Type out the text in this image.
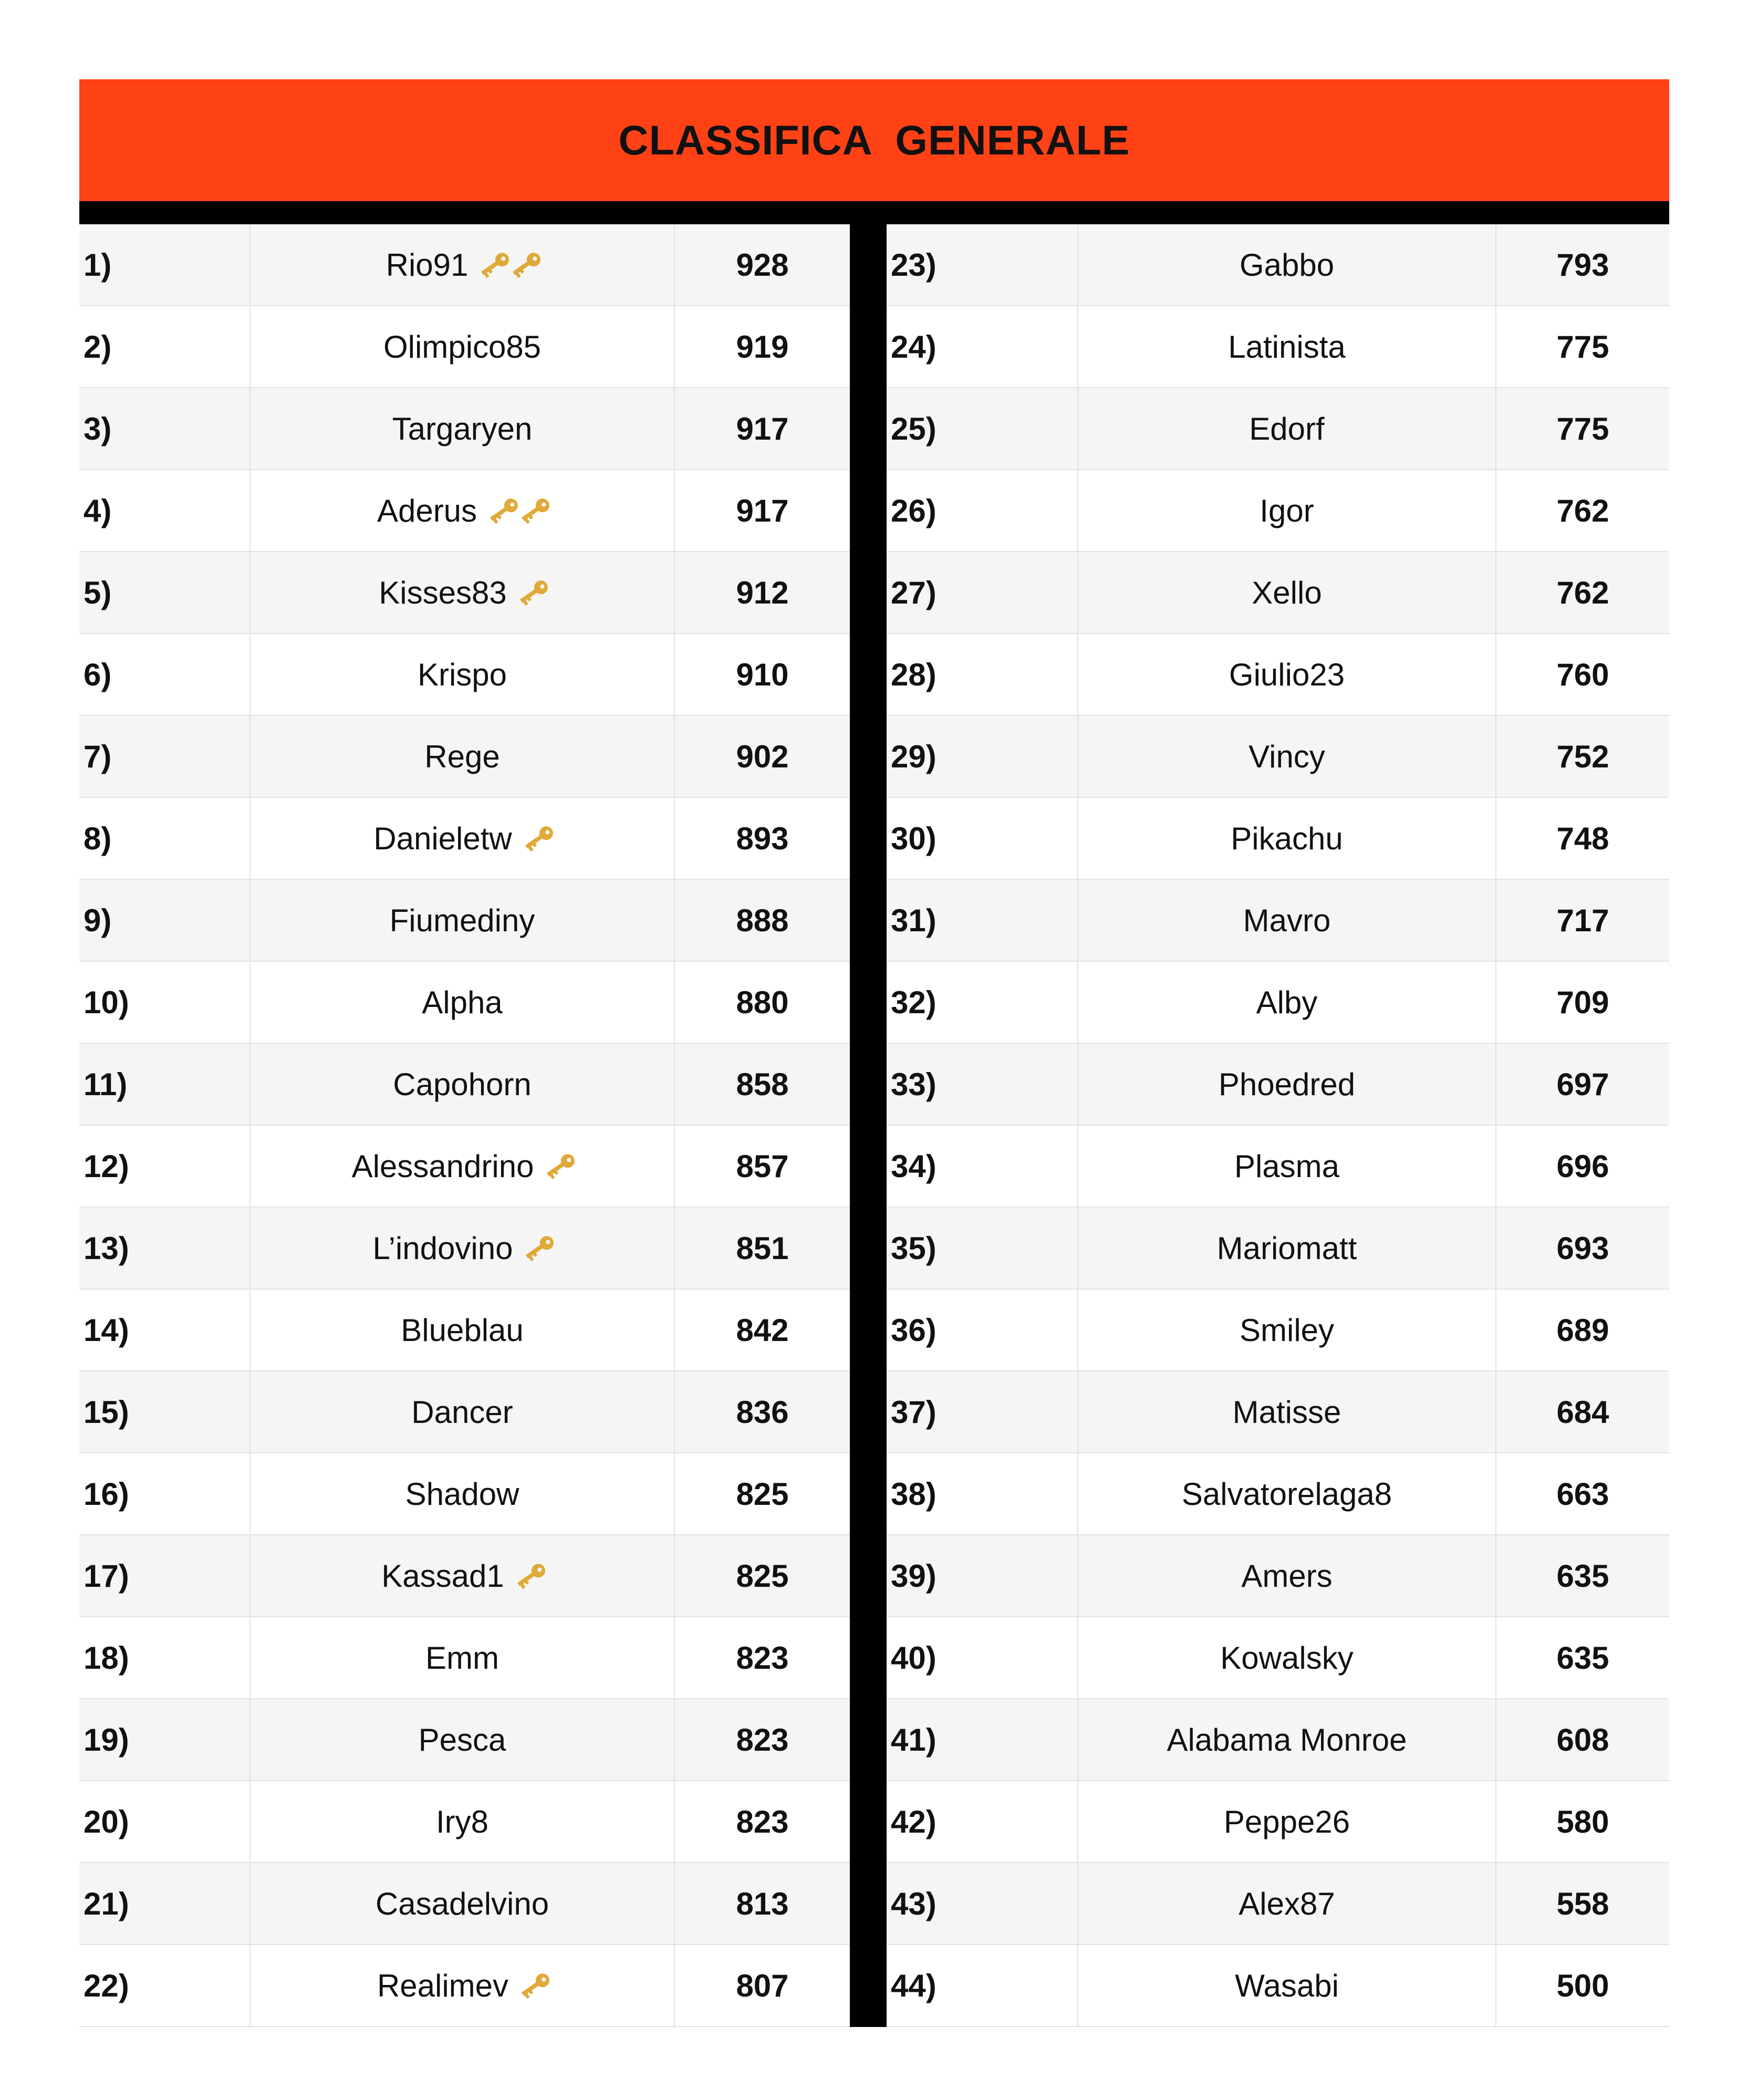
CLASSIFICA  GENERALE
1)	Rio91	928
2)	Olimpico85	919
3)	Targaryen	917
4)	Aderus	917
5)	Kisses83	912
6)	Krispo	910
7)	Rege	902
8)	Danieletw	893
9)	Fiumediny	888
10)	Alpha	880
11)	Capohorn	858
12)	Alessandrino	857
13)	L’indovino	851
14)	Blueblau	842
15)	Dancer	836
16)	Shadow	825
17)	Kassad1	825
18)	Emm	823
19)	Pesca	823
20)	Iry8	823
21)	Casadelvino	813
22)	Realimev	807
23)	Gabbo	793
24)	Latinista	775
25)	Edorf	775
26)	Igor	762
27)	Xello	762
28)	Giulio23	760
29)	Vincy	752
30)	Pikachu	748
31)	Mavro	717
32)	Alby	709
33)	Phoedred	697
34)	Plasma	696
35)	Mariomatt	693
36)	Smiley	689
37)	Matisse	684
38)	Salvatorelaga8	663
39)	Amers	635
40)	Kowalsky	635
41)	Alabama Monroe	608
42)	Peppe26	580
43)	Alex87	558
44)	Wasabi	500
